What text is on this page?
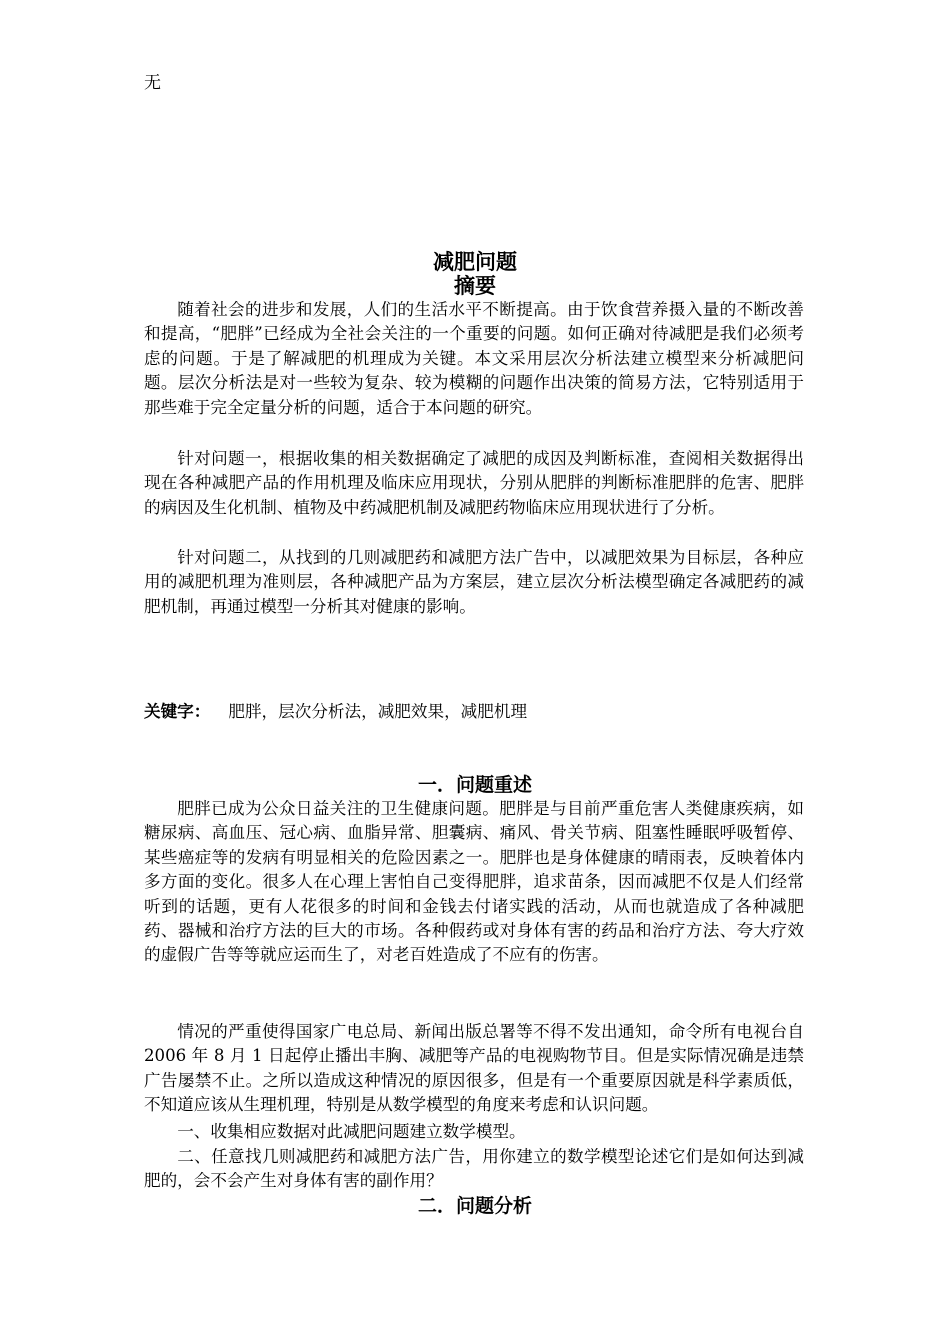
无
减肥问题
摘要

随着社会的进步和发展，人们的生活水平不断提高。由于饮食营养摄入量的不断改善和提高，“肥胖”已经成为全社会关注的一个重要的问题。如何正确对待减肥是我们必须考虑的问题。于是了解减肥的机理成为关键。本文采用层次分析法建立模型来分析减肥问题。层次分析法是对一些较为复杂、较为模糊的问题作出决策的简易方法，它特别适用于那些难于完全定量分析的问题，适合于本问题的研究。

针对问题一，根据收集的相关数据确定了减肥的成因及判断标准，查阅相关数据得出现在各种减肥产品的作用机理及临床应用现状，分别从肥胖的判断标准肥胖的危害、肥胖的病因及生化机制、植物及中药减肥机制及减肥药物临床应用现状进行了分析。

针对问题二，从找到的几则减肥药和减肥方法广告中，以减肥效果为目标层，各种应用的减肥机理为准则层，各种减肥产品为方案层，建立层次分析法模型确定各减肥药的减肥机制，再通过模型一分析其对健康的影响。

关键字： 肥胖，层次分析法，减肥效果，减肥机理
一．问题重述

肥胖已成为公众日益关注的卫生健康问题。肥胖是与目前严重危害人类健康疾病，如糖尿病、高血压、冠心病、血脂异常、胆囊病、痛风、骨关节病、阻塞性睡眠呼吸暂停、某些癌症等的发病有明显相关的危险因素之一。肥胖也是身体健康的晴雨表，反映着体内多方面的变化。很多人在心理上害怕自己变得肥胖，追求苗条，因而减肥不仅是人们经常听到的话题，更有人花很多的时间和金钱去付诸实践的活动，从而也就造成了各种减肥药、器械和治疗方法的巨大的市场。各种假药或对身体有害的药品和治疗方法、夸大疗效的虚假广告等等就应运而生了，对老百姓造成了不应有的伤害。

情况的严重使得国家广电总局、新闻出版总署等不得不发出通知，命令所有电视台自 2006 年 8 月 1 日起停止播出丰胸、减肥等产品的电视购物节目。但是实际情况确是违禁广告屡禁不止。之所以造成这种情况的原因很多，但是有一个重要原因就是科学素质低，不知道应该从生理机理，特别是从数学模型的角度来考虑和认识问题。

一、收集相应数据对此减肥问题建立数学模型。

二、任意找几则减肥药和减肥方法广告，用你建立的数学模型论述它们是如何达到减肥的，会不会产生对身体有害的副作用？

二．问题分析
